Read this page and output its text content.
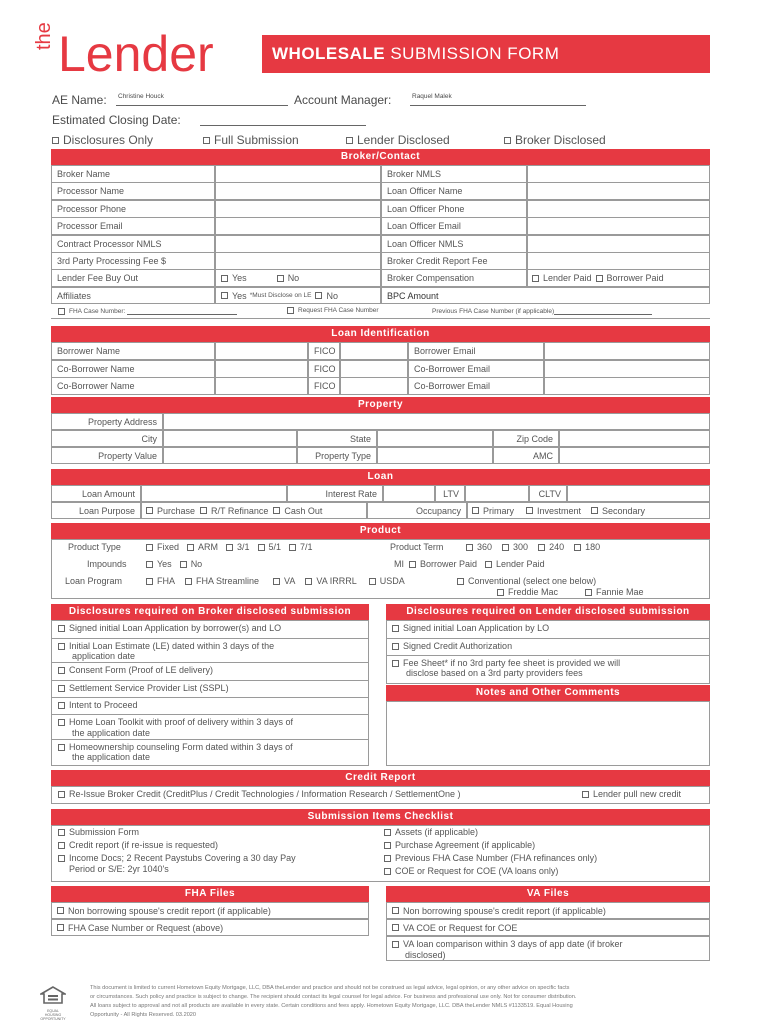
the Lender	WHOLESALE SUBMISSION FORM
AE Name:	Christine Houck	Account Manager:	Raquel Malek
Estimated Closing Date:
Disclosures Only	Full Submission	Lender Disclosed	Broker Disclosed
Broker/Contact
Broker Name	Broker NMLS
Processor Name	Loan Officer Name
Processor Phone	Loan Officer Phone
Processor Email	Loan Officer Email
Contract Processor NMLS	Loan Officer NMLS
3rd Party Processing Fee $	Broker Credit Report Fee
Lender Fee Buy Out	Yes	No	Broker Compensation	Lender Paid Borrower Paid
Affiliates	Yes *Must Disclose on LE No	BPC Amount
FHA Case Number:	Request FHA Case Number	Previous FHA Case Number (if applicable)
Loan Identification
Borrower Name	FICO	Borrower Email
Co-Borrower Name	FICO	Co-Borrower Email
Co-Borrower Name	FICO	Co-Borrower Email
Property
Property Address
City	State	Zip Code
Property Value	Property Type	AMC
Loan
Loan Amount	Interest Rate	LTV	CLTV
Loan Purpose Purchase R/T Refinance Cash Out	Occupancy Primary	Investment Secondary
Product
Product Type	Fixed ARM 3/1 5/1 7/1	Product Term	360 300 240 180
Impounds	Yes No	MI Borrower Paid Lender Paid
Loan Program	FHA FHA Streamline	VA VA IRRRL	USDA	Conventional (select one below)
Freddie Mac	Fannie Mae
Disclosures required on Broker disclosed submission	Disclosures required on Lender disclosed submission
Signed initial Loan Application by borrower(s) and LO
Initial Loan Estimate (LE) dated within 3 days of the
application date
Consent Form (Proof of LE delivery)
Settlement Service Provider List (SSPL)
Intent to Proceed
Home Loan Toolkit with proof of delivery within 3 days of
the application date
Homeownership counseling Form dated within 3 days of
the application date
Signed initial Loan Application by LO
Signed Credit Authorization
Fee Sheet* if no 3rd party fee sheet is provided we will
disclose based on a 3rd party providers fees
Notes and Other Comments
Credit Report
Re-Issue Broker Credit (CreditPlus / Credit Technologies / Information Research / SettlementOne )	Lender pull new credit
Submission Items Checklist
Submission Form
Credit report (if re-issue is requested)
Income Docs; 2 Recent Paystubs Covering a 30 day Pay
Period or S/E: 2yr 1040's
Assets (if applicable)
Purchase Agreement (if applicable)
Previous FHA Case Number (FHA refinances only)
COE or Request for COE (VA loans only)
FHA Files	VA Files
Non borrowing spouse's credit report (if applicable)
FHA Case Number or Request (above)
Non borrowing spouse's credit report (if applicable)
VA COE or Request for COE
VA loan comparison within 3 days of app date (if broker
disclosed)
EQUAL HOUSING OPPORTUNITY
This document is limited to current Hometown Equity Mortgage, LLC, DBA theLender and practice and should not be construed as legal advice, legal opinion, or any other advice on specific facts
or circumstances. Such policy and practice is subject to change. The recipient should contact its legal counsel for legal advice. For business and professional use only. Not for consumer distribution.
All loans subject to approval and not all products are available in every state. Certain conditions and fees apply. Hometown Equity Mortgage, LLC. DBA theLender NMLS #1133519. Equal Housing
Opportunity - All Rights Reserved. 03.2020
